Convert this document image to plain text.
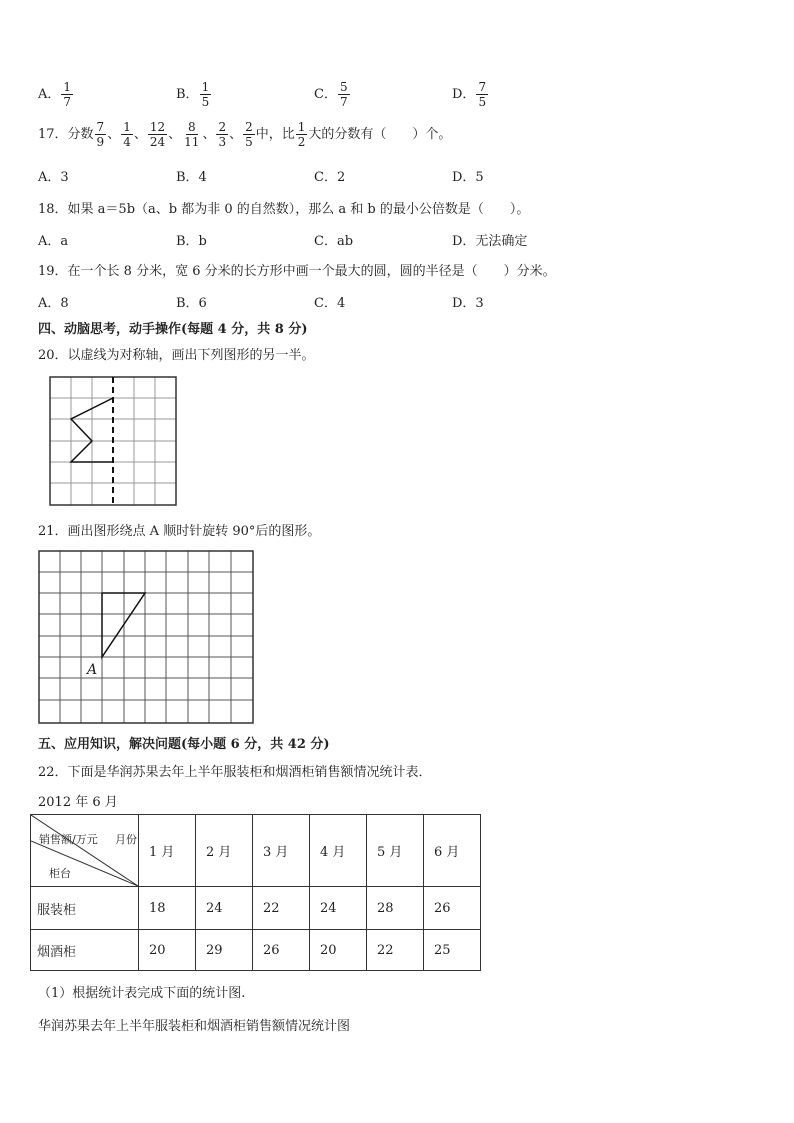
A． $\frac{1}{7}$	B． $\frac{1}{5}$	C． $\frac{5}{7}$	D． $\frac{7}{5}$
17．分数 $\frac{7}{9}$ 、 $\frac{1}{4}$ 、 $\frac{12}{24}$ 、 $\frac{8}{11}$ 、 $\frac{2}{3}$ 、 $\frac{2}{5}$ 中，比 $\frac{1}{2}$ 大的分数有（　　）个。
A．3	B．4	C．2	D．5
18．如果 a＝5b（a、b 都为非 0 的自然数），那么 a 和 b 的最小公倍数是（　　）。
A．a	B．b	C．ab	D．无法确定
19．在一个长 8 分米，宽 6 分米的长方形中画一个最大的圆，圆的半径是（　　）分米。
A．8	B．6	C．4	D．3
四、动脑思考，动手操作(每题 4 分，共 8 分)
20．以虚线为对称轴，画出下列图形的另一半。
21．画出图形绕点 A 顺时针旋转 90°后的图形。
A
五、应用知识，解决问题(每小题 6 分，共 42 分)
22．下面是华润苏果去年上半年服装柜和烟酒柜销售额情况统计表．
2012 年 6 月
销售额/万元 月份
柜台	1 月	2 月	3 月	4 月	5 月	6 月
服装柜	18	24	22	24	28	26
烟酒柜	20	29	26	20	22	25
（1）根据统计表完成下面的统计图.
华润苏果去年上半年服装柜和烟酒柜销售额情况统计图
